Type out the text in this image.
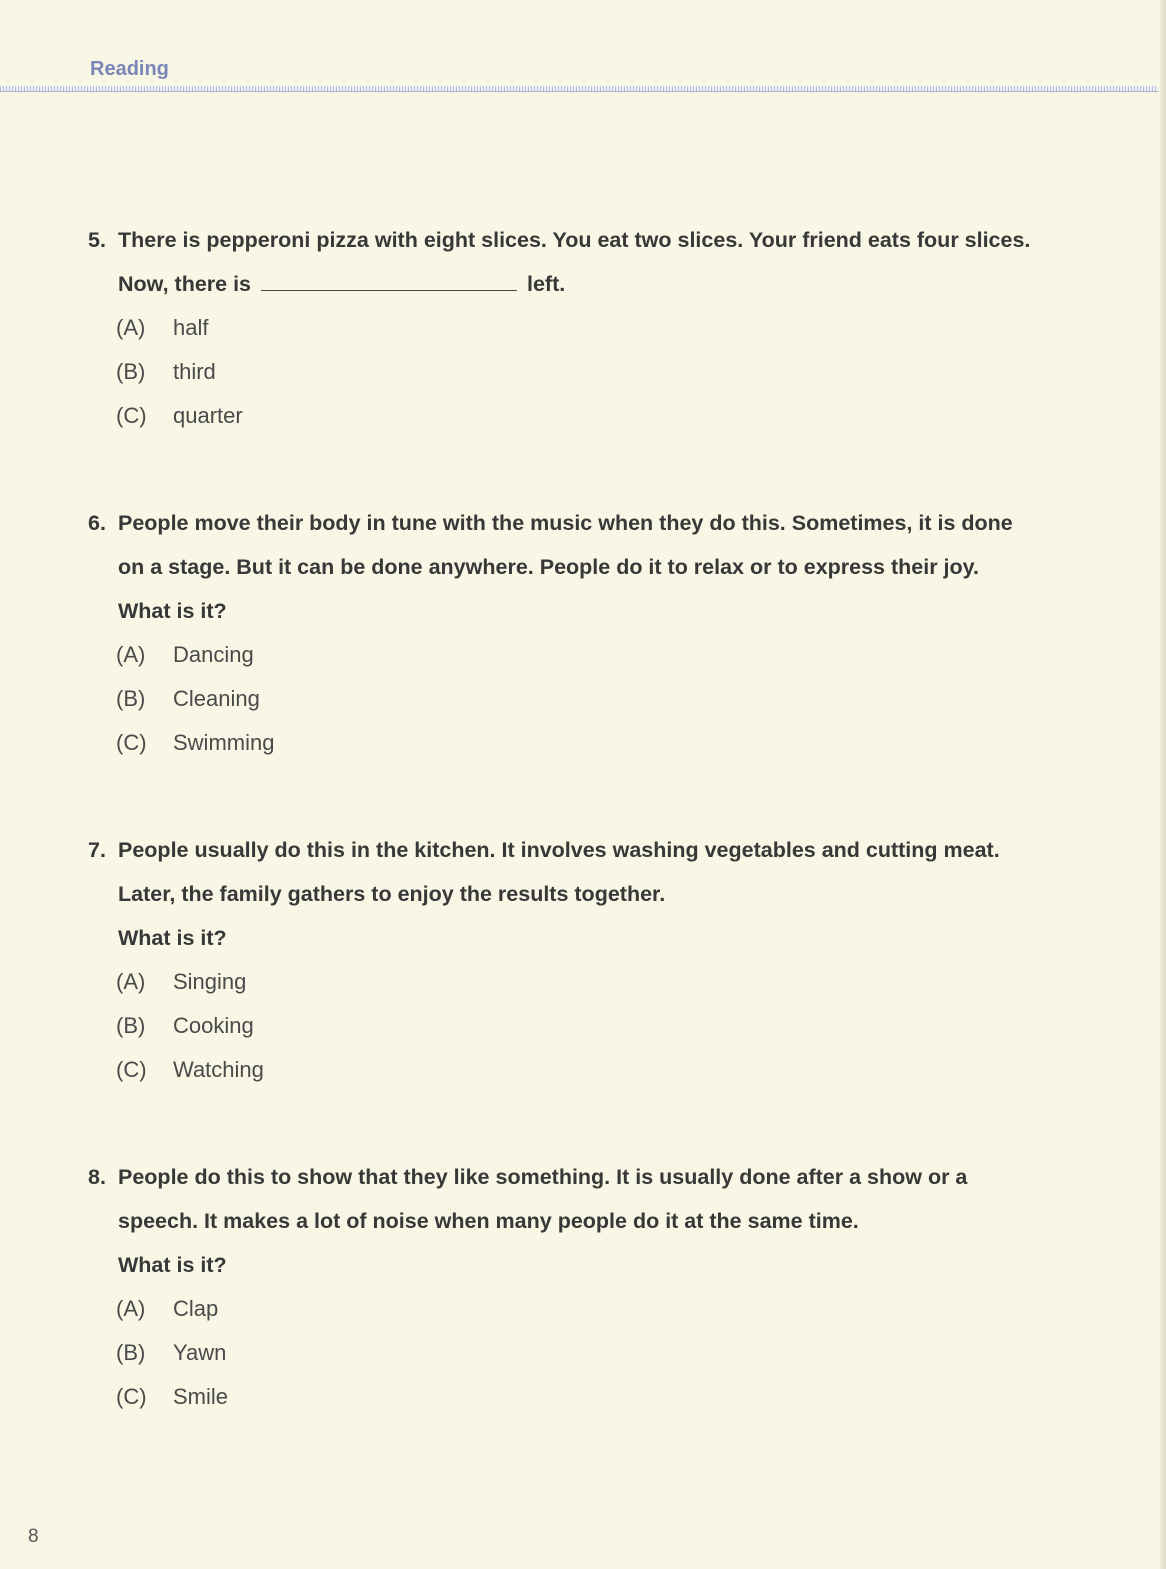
Reading
5. There is pepperoni pizza with eight slices. You eat two slices. Your friend eats four slices.
Now, there is	left.
(A) half
(B) third
(C) quarter
6. People move their body in tune with the music when they do this. Sometimes, it is done
on a stage. But it can be done anywhere. People do it to relax or to express their joy.
What is it?
(A) Dancing
(B) Cleaning
(C) Swimming
7. People usually do this in the kitchen. It involves washing vegetables and cutting meat.
Later, the family gathers to enjoy the results together.
What is it?
(A) Singing
(B) Cooking
(C) Watching
8. People do this to show that they like something. It is usually done after a show or a
speech. It makes a lot of noise when many people do it at the same time.
What is it?
(A) Clap
(B) Yawn
(C) Smile
8
